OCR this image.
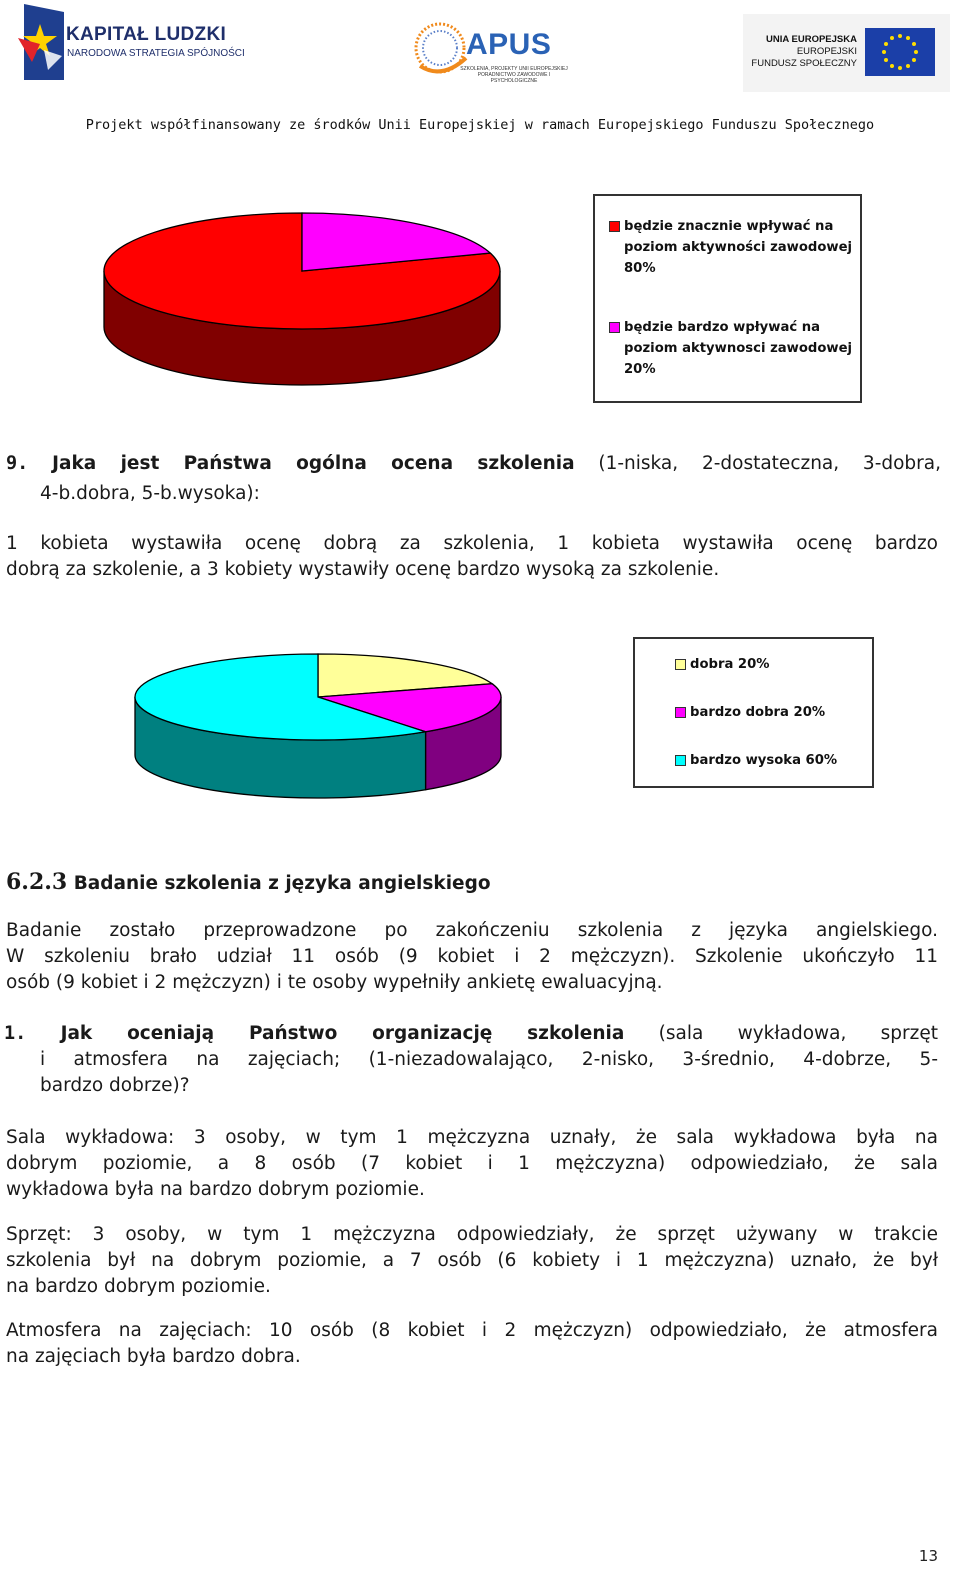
KAPITAŁ LUDZKI
NARODOWA STRATEGIA SPÓJNOŚCI	APUS
SZKOLENIA, PROJEKTY UNII EUROPEJSKIEJ PORADNICTWO ZAWODOWE I PSYCHOLOGICZNE
UNIA EUROPEJSKA
EUROPEJSKI
FUNDUSZ SPOŁECZNY
Projekt współfinansowany ze środków Unii Europejskiej w ramach Europejskiego Funduszu Społecznego
będzie znacznie wpływać na
poziom aktywności zawodowej
80%
będzie bardzo wpływać na
poziom aktywnosci zawodowej
20%
9. Jaka jest Państwa ogólna ocena szkolenia (1-niska, 2-dostateczna, 3-dobra,
4-b.dobra, 5-b.wysoka):
1 kobieta wystawiła ocenę dobrą za szkolenia, 1 kobieta wystawiła ocenę bardzo
dobrą za szkolenie, a 3 kobiety wystawiły ocenę bardzo wysoką za szkolenie.
dobra 20%
bardzo dobra 20%
bardzo wysoka 60%
6.2.3 Badanie szkolenia z języka angielskiego
Badanie zostało przeprowadzone po zakończeniu szkolenia z języka angielskiego.
W szkoleniu brało udział 11 osób (9 kobiet i 2 mężczyzn). Szkolenie ukończyło 11
osób (9 kobiet i 2 mężczyzn) i te osoby wypełniły ankietę ewaluacyjną.
1. Jak oceniają Państwo organizację szkolenia (sala wykładowa, sprzęt
i atmosfera na zajęciach; (1-niezadowalająco, 2-nisko, 3-średnio, 4-dobrze, 5-
bardzo dobrze)?
Sala wykładowa: 3 osoby, w tym 1 mężczyzna uznały, że sala wykładowa była na
dobrym poziomie, a 8 osób (7 kobiet i 1 mężczyzna) odpowiedziało, że sala
wykładowa była na bardzo dobrym poziomie.
Sprzęt: 3 osoby, w tym 1 mężczyzna odpowiedziały, że sprzęt używany w trakcie
szkolenia był na dobrym poziomie, a 7 osób (6 kobiety i 1 mężczyzna) uznało, że był
na bardzo dobrym poziomie.
Atmosfera na zajęciach: 10 osób (8 kobiet i 2 mężczyzn) odpowiedziało, że atmosfera
na zajęciach była bardzo dobra.
13
